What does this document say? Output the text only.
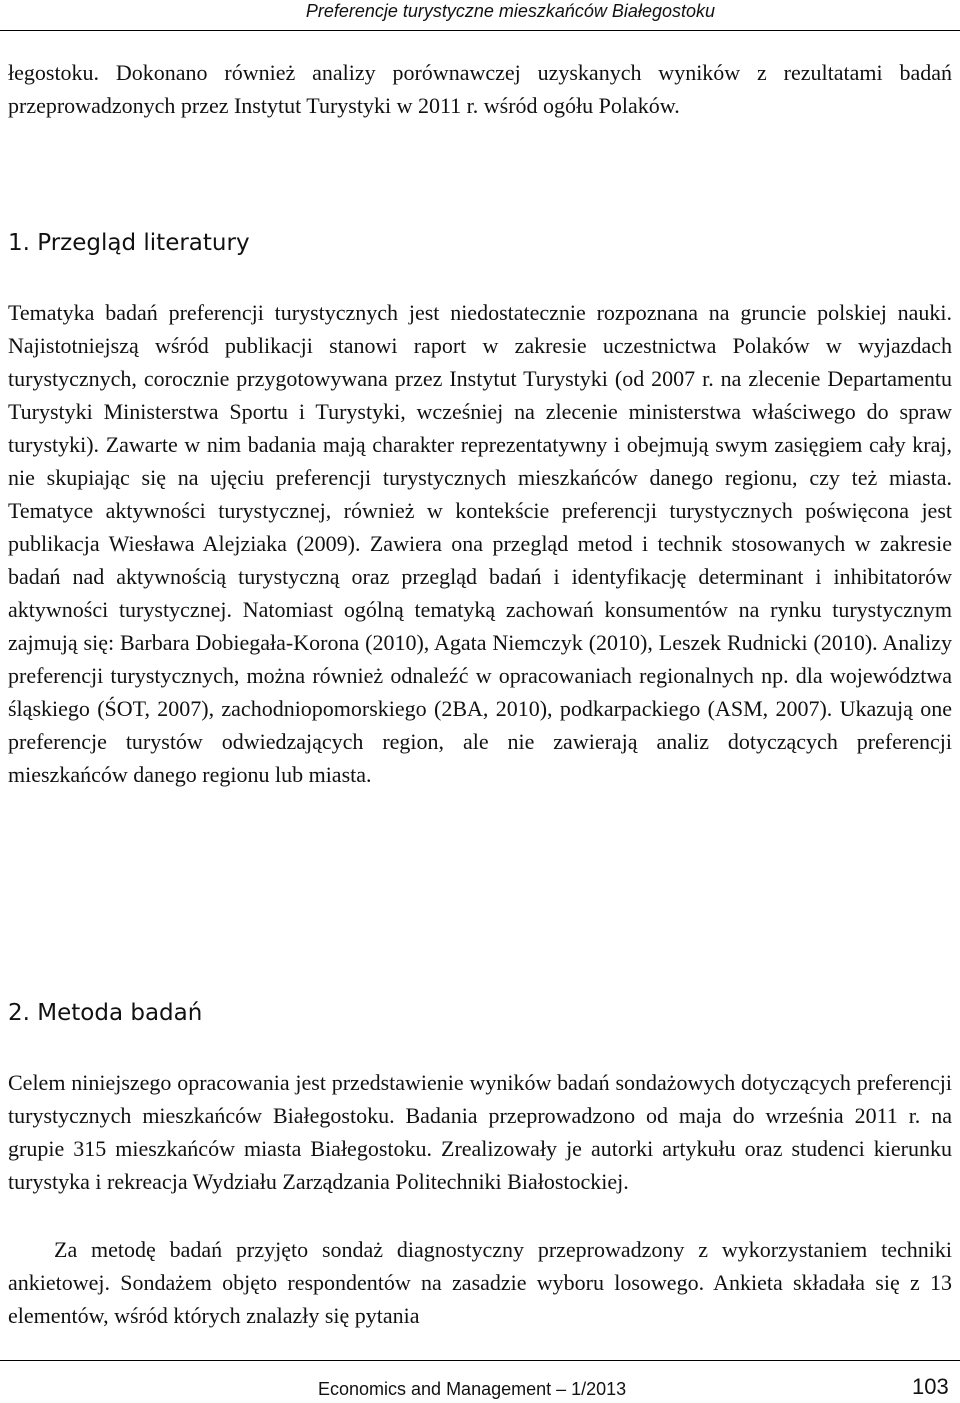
Preferencje turystyczne mieszkańców Białegostoku

łegostoku. Dokonano również analizy porównawczej uzyskanych wyników z rezultatami badań przeprowadzonych przez Instytut Turystyki w 2011 r. wśród ogółu Polaków.

1. Przegląd literatury

Tematyka badań preferencji turystycznych jest niedostatecznie rozpoznana na gruncie polskiej nauki. Najistotniejszą wśród publikacji stanowi raport w zakresie uczestnictwa Polaków w wyjazdach turystycznych, corocznie przygotowywana przez Instytut Turystyki (od 2007 r. na zlecenie Departamentu Turystyki Ministerstwa Sportu i Turystyki, wcześniej na zlecenie ministerstwa właściwego do spraw turystyki). Zawarte w nim badania mają charakter reprezentatywny i obejmują swym zasięgiem cały kraj, nie skupiając się na ujęciu preferencji turystycznych mieszkańców danego regionu, czy też miasta. Tematyce aktywności turystycznej, również w kontekście preferencji turystycznych poświęcona jest publikacja Wiesława Alejziaka (2009). Zawiera ona przegląd metod i technik stosowanych w zakresie badań nad aktywnością turystyczną oraz przegląd badań i identyfikację determinant i inhibitatorów aktywności turystycznej. Natomiast ogólną tematyką zachowań konsumentów na rynku turystycznym zajmują się: Barbara Dobiegała-Korona (2010), Agata Niemczyk (2010), Leszek Rudnicki (2010). Analizy preferencji turystycznych, można również odnaleźć w opracowaniach regionalnych np. dla województwa śląskiego (ŚOT, 2007), zachodniopomorskiego (2BA, 2010), podkarpackiego (ASM, 2007). Ukazują one preferencje turystów odwiedzających region, ale nie zawierają analiz dotyczących preferencji mieszkańców danego regionu lub miasta.

2. Metoda badań

Celem niniejszego opracowania jest przedstawienie wyników badań sondażowych dotyczących preferencji turystycznych mieszkańców Białegostoku. Badania przeprowadzono od maja do września 2011 r. na grupie 315 mieszkańców miasta Białegostoku. Zrealizowały je autorki artykułu oraz studenci kierunku turystyka i rekreacja Wydziału Zarządzania Politechniki Białostockiej.

Za metodę badań przyjęto sondaż diagnostyczny przeprowadzony z wykorzystaniem techniki ankietowej. Sondażem objęto respondentów na zasadzie wyboru losowego. Ankieta składała się z 13 elementów, wśród których znalazły się pytania

Economics and Management – 1/2013	103
